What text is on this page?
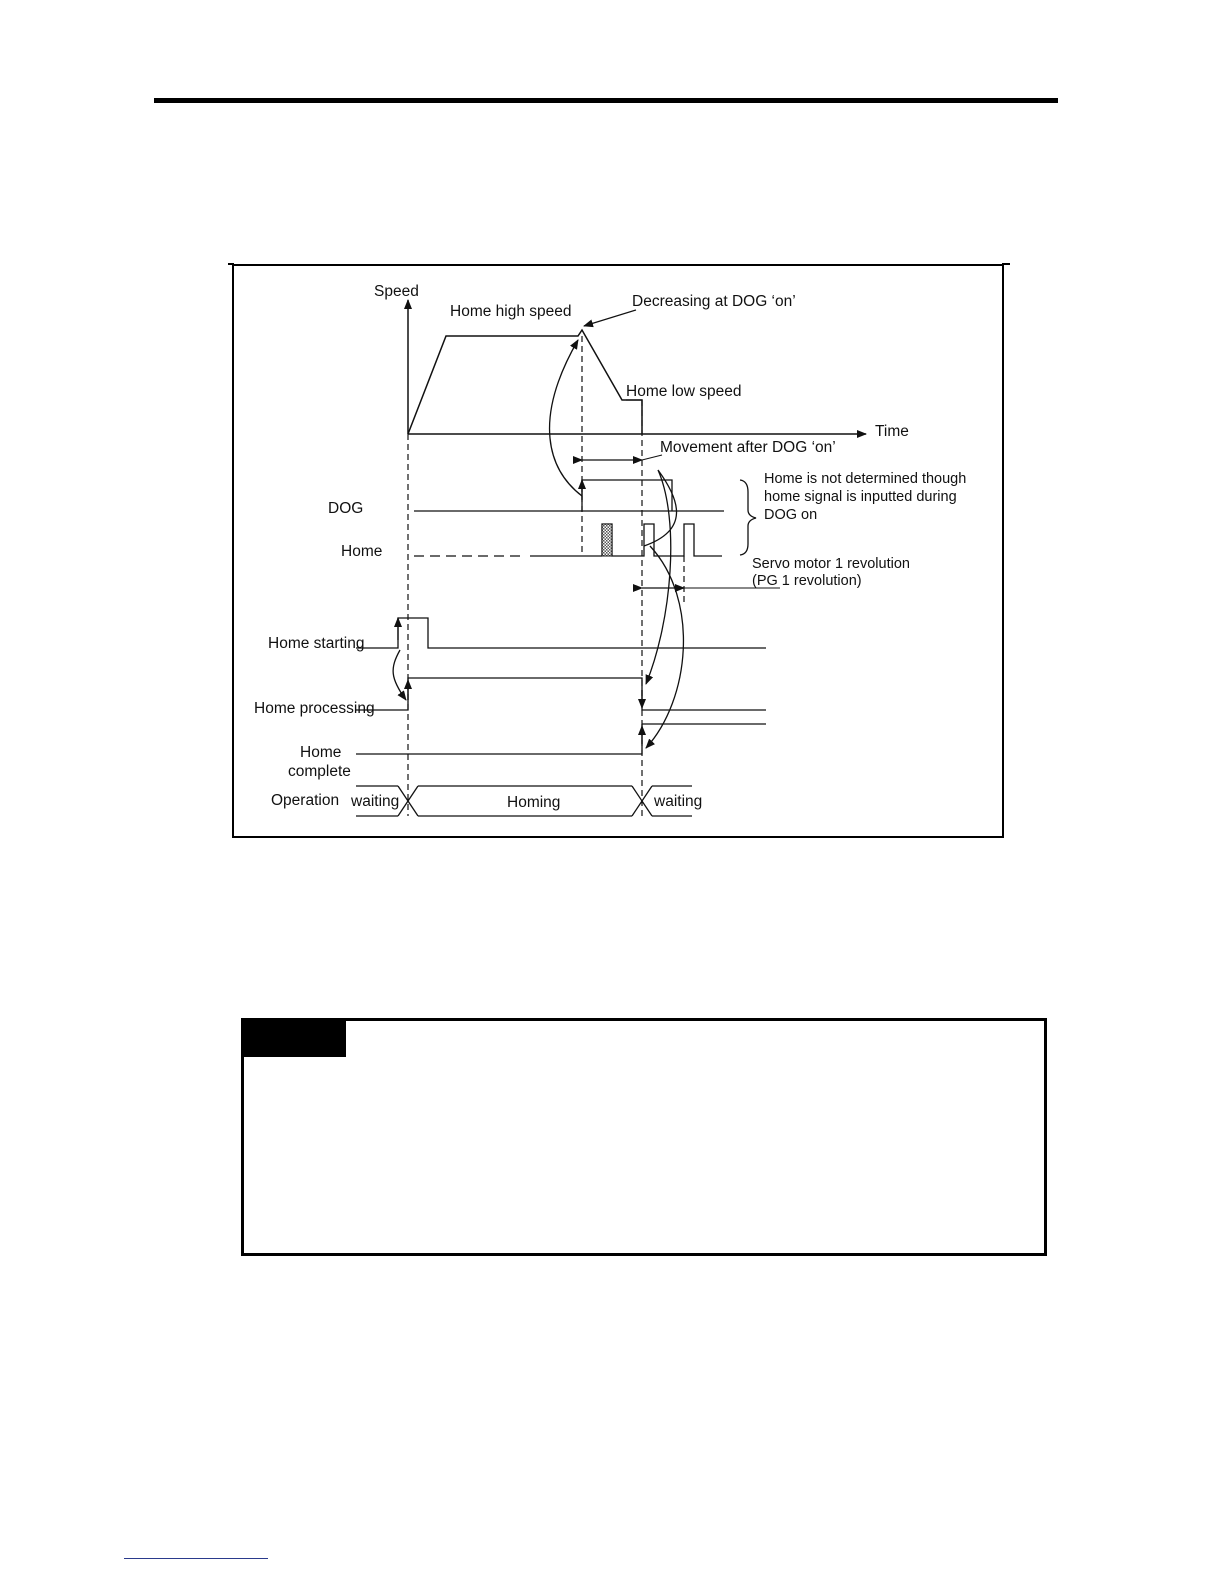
Speed
Time
Home high speed
Decreasing at DOG ‘on’
Home low speed
Movement after DOG ‘on’
DOG
Home is not determined though
home signal is inputted during
DOG on
Home
Servo motor 1 revolution
(PG 1 revolution)
Home starting
Home processing
Home
complete
Operation waiting	Homing	waiting
